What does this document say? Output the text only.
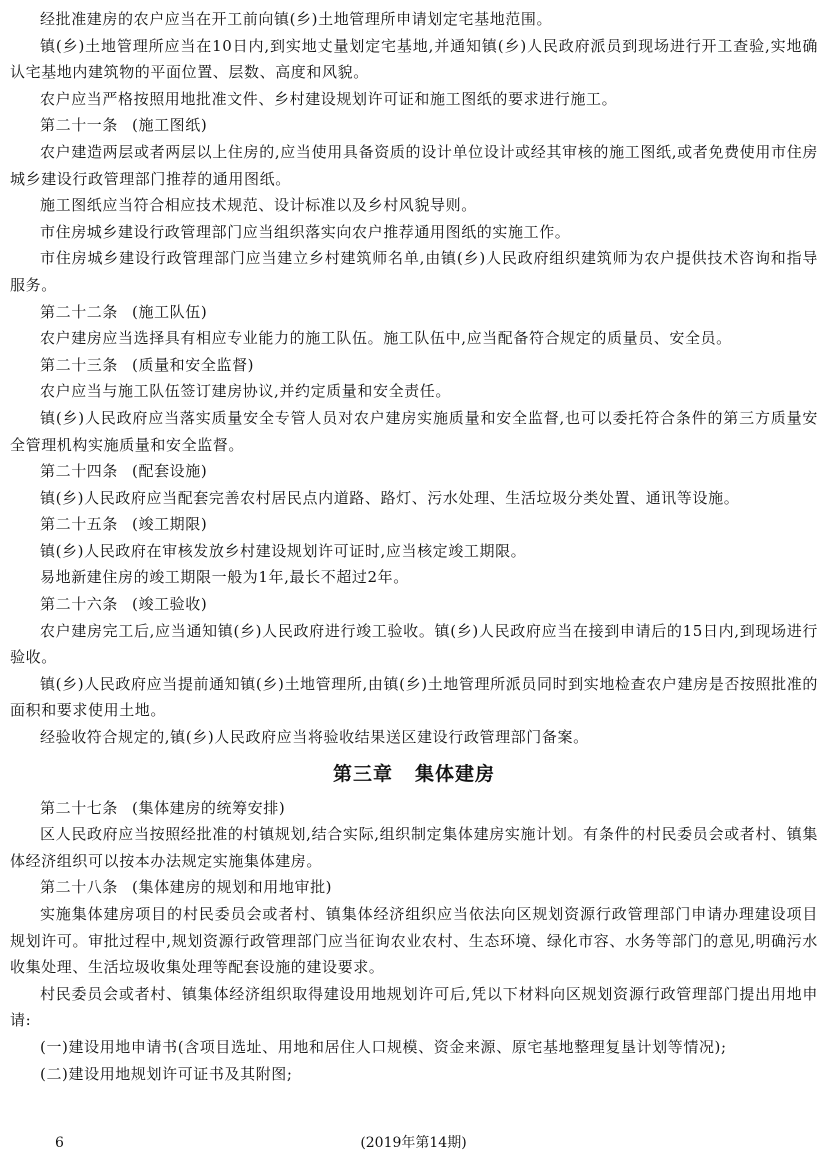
经批准建房的农户应当在开工前向镇(乡)土地管理所申请划定宅基地范围。

镇(乡)土地管理所应当在10日内,到实地丈量划定宅基地,并通知镇(乡)人民政府派员到现场进行开工查验,实地确认宅基地内建筑物的平面位置、层数、高度和风貌。

农户应当严格按照用地批准文件、乡村建设规划许可证和施工图纸的要求进行施工。

第二十一条 (施工图纸)

农户建造两层或者两层以上住房的,应当使用具备资质的设计单位设计或经其审核的施工图纸,或者免费使用市住房城乡建设行政管理部门推荐的通用图纸。

施工图纸应当符合相应技术规范、设计标准以及乡村风貌导则。

市住房城乡建设行政管理部门应当组织落实向农户推荐通用图纸的实施工作。

市住房城乡建设行政管理部门应当建立乡村建筑师名单,由镇(乡)人民政府组织建筑师为农户提供技术咨询和指导服务。

第二十二条 (施工队伍)

农户建房应当选择具有相应专业能力的施工队伍。施工队伍中,应当配备符合规定的质量员、安全员。

第二十三条 (质量和安全监督)

农户应当与施工队伍签订建房协议,并约定质量和安全责任。

镇(乡)人民政府应当落实质量安全专管人员对农户建房实施质量和安全监督,也可以委托符合条件的第三方质量安全管理机构实施质量和安全监督。

第二十四条 (配套设施)

镇(乡)人民政府应当配套完善农村居民点内道路、路灯、污水处理、生活垃圾分类处置、通讯等设施。

第二十五条 (竣工期限)

镇(乡)人民政府在审核发放乡村建设规划许可证时,应当核定竣工期限。

易地新建住房的竣工期限一般为1年,最长不超过2年。

第二十六条 (竣工验收)

农户建房完工后,应当通知镇(乡)人民政府进行竣工验收。镇(乡)人民政府应当在接到申请后的15日内,到现场进行验收。

镇(乡)人民政府应当提前通知镇(乡)土地管理所,由镇(乡)土地管理所派员同时到实地检查农户建房是否按照批准的面积和要求使用土地。

经验收符合规定的,镇(乡)人民政府应当将验收结果送区建设行政管理部门备案。

第三章 集体建房

第二十七条 (集体建房的统筹安排)

区人民政府应当按照经批准的村镇规划,结合实际,组织制定集体建房实施计划。有条件的村民委员会或者村、镇集体经济组织可以按本办法规定实施集体建房。

第二十八条 (集体建房的规划和用地审批)

实施集体建房项目的村民委员会或者村、镇集体经济组织应当依法向区规划资源行政管理部门申请办理建设项目规划许可。审批过程中,规划资源行政管理部门应当征询农业农村、生态环境、绿化市容、水务等部门的意见,明确污水收集处理、生活垃圾收集处理等配套设施的建设要求。

村民委员会或者村、镇集体经济组织取得建设用地规划许可后,凭以下材料向区规划资源行政管理部门提出用地申请:

(一)建设用地申请书(含项目选址、用地和居住人口规模、资金来源、原宅基地整理复垦计划等情况);

(二)建设用地规划许可证书及其附图;

6	(2019年第14期)
